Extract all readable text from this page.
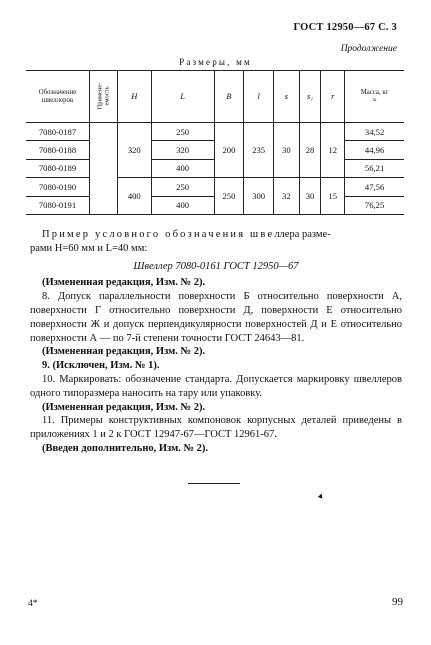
ГОСТ 12950—67 С. 3
Продолжение
Размеры, мм
Обозначение
швеллеров	Примене-
емость	H	L	B	l	s	s₁	r	Масса, кг
≈
7080-0187		320	250	200	235	30	28	12	34,52
7080-0188			320						44,96
7080-0189			400						56,21
7080-0190		400	250	250	300	32	30	15	47,56
7080-0191			400						76,25

Пример условного обозначения швеллера разме-

рами H=60 мм и L=40 мм:

Швеллер 7080-0161 ГОСТ 12950—67

(Измененная редакция, Изм. № 2).

8. Допуск параллельности поверхности Б относительно поверхности А, поверхности Г относительно поверхности Д, поверхности Е относительно поверхности Ж и допуск перпендикулярности поверхностей Д и Е относительно поверхности А — по 7-й степени точности ГОСТ 24643—81.

(Измененная редакция, Изм. № 2).

9. (Исключен, Изм. № 1).

10. Маркировать: обозначение стандарта. Допускается маркировку швеллеров одного типоразмера наносить на тару или упаковку.

(Измененная редакция, Изм. № 2).

11. Примеры конструктивных компоновок корпусных деталей приведены в приложениях 1 и 2 к ГОСТ 12947-67—ГОСТ 12961-67.

(Введен дополнительно, Изм. № 2).

▲
4*	99
